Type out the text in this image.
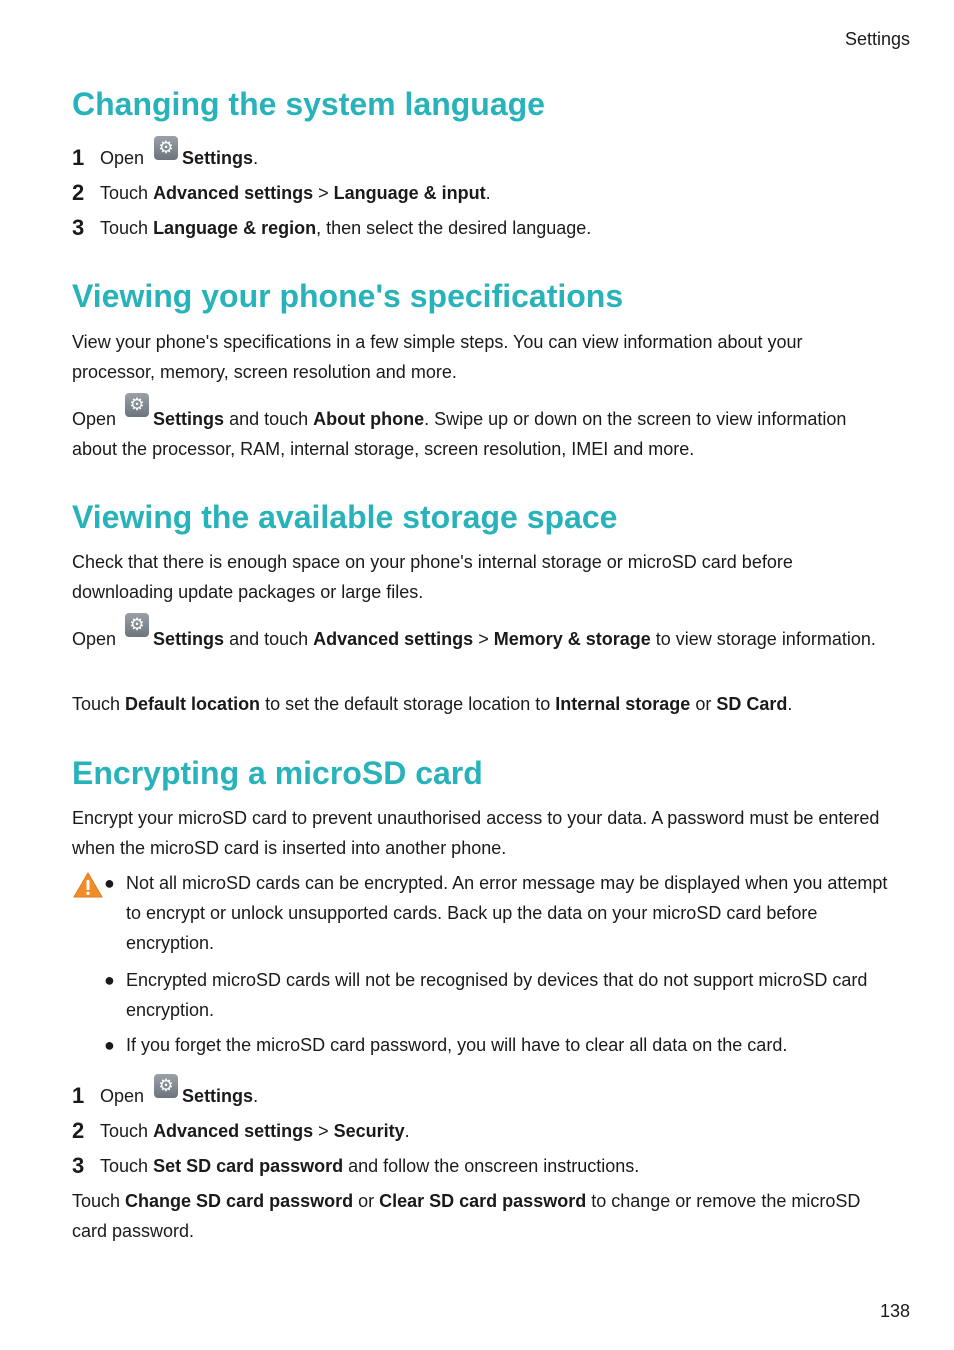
Settings
Changing the system language
1 Open ⚙ Settings .
2 Touch
Advanced settings > Language & input .
3 Touch
Language & region , then select the desired language.
Viewing your phone's specifications
View your phone's specifications in a few simple steps. You can view information about your processor, memory, screen resolution and more.
Open ⚙Settings and touch About phone. Swipe up or down on the screen to view information about the processor, RAM, internal storage, screen resolution, IMEI and more.
Viewing the available storage space
Check that there is enough space on your phone's internal storage or microSD card before downloading update packages or large files.
Open ⚙Settings and touch Advanced settings > Memory & storage to view storage information.
Touch Default location to set the default storage location to Internal storage or SD Card.
Encrypting a microSD card
Encrypt your microSD card to prevent unauthorised access to your data. A password must be entered when the microSD card is inserted into another phone.
● Not all microSD cards can be encrypted. An error message may be displayed when you attempt to encrypt or unlock unsupported cards. Back up the data on your microSD card before encryption.
● Encrypted microSD cards will not be recognised by devices that do not support microSD card encryption.
● If you forget the microSD card password, you will have to clear all data on the card.
1 Open ⚙ Settings .
2 Touch
Advanced settings > Security .
3 Touch
Set SD card password and follow the onscreen instructions.
Touch Change SD card password or Clear SD card password to change or remove the microSD card password.
138
